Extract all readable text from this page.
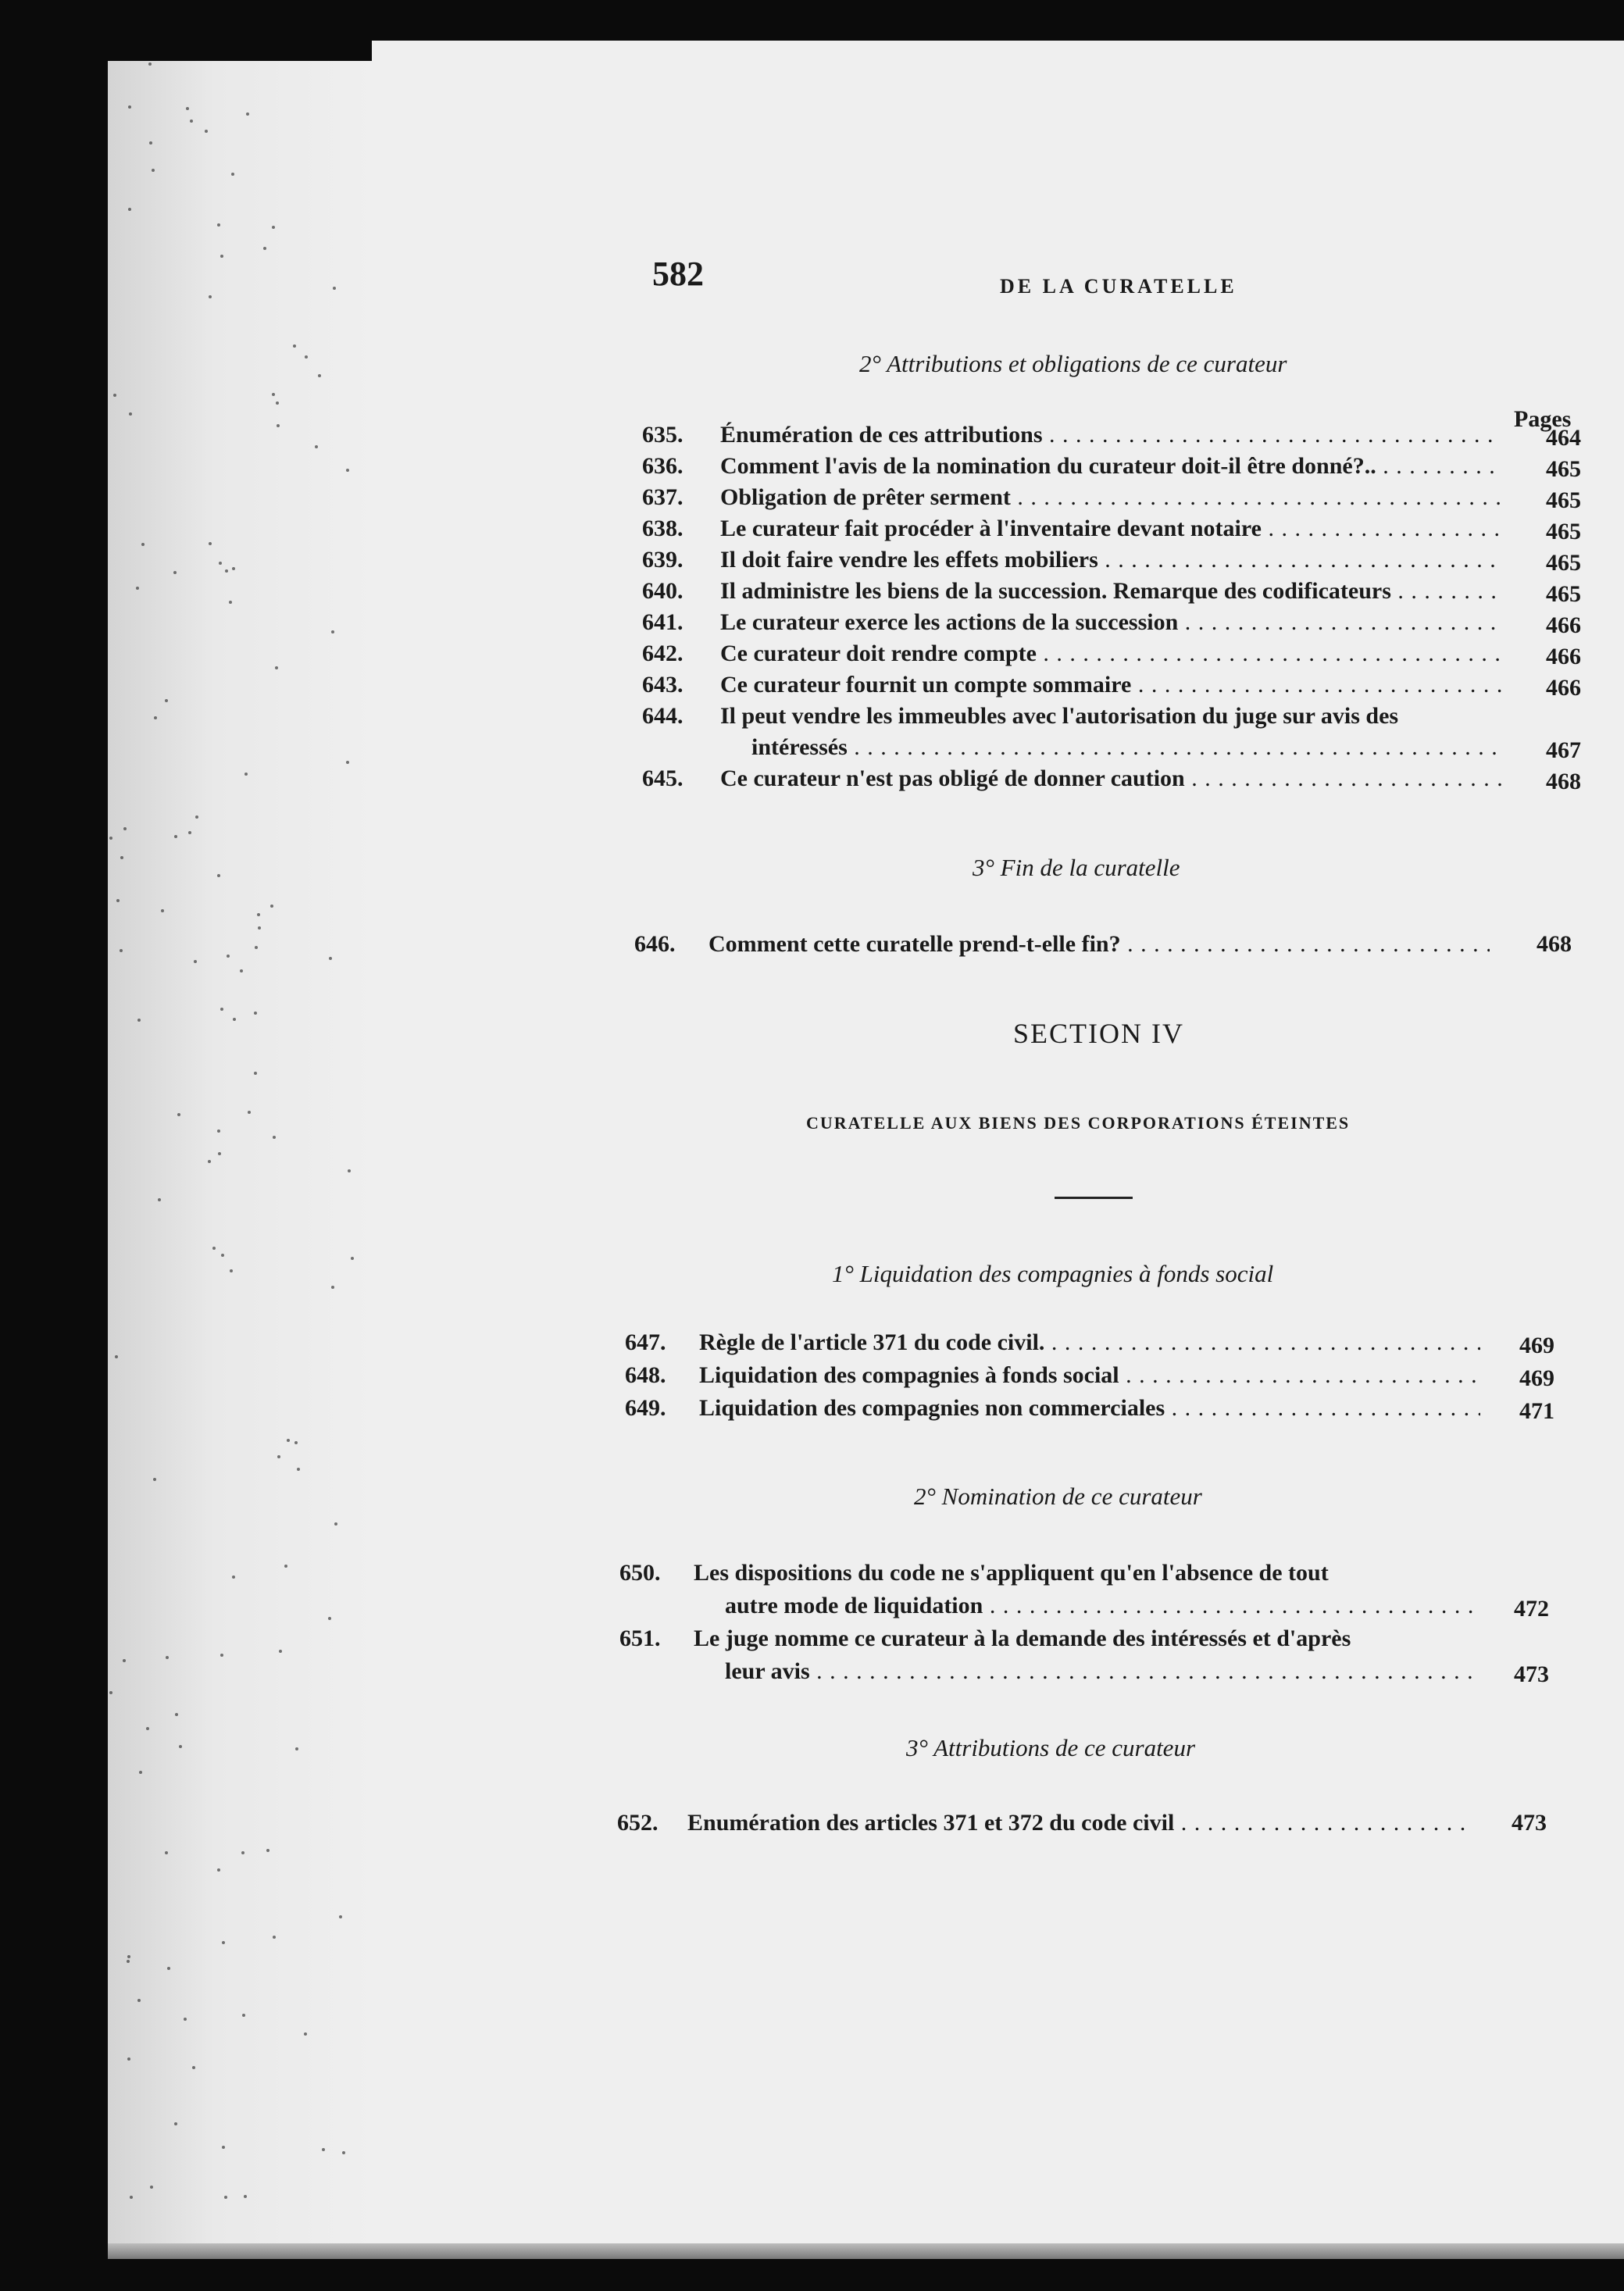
582	DE LA CURATELLE
2° Attributions et obligations de ce curateur
Pages
635. Énumération de ces attributions . . .	464
636. Comment l'avis de la nomination du curateur doit-il être donné?.. . . .	465
637. Obligation de prêter serment . . .	465
638. Le curateur fait procéder à l'inventaire devant notaire . . .	465
639. Il doit faire vendre les effets mobiliers . . .	465
640. Il administre les biens de la succession. Remarque des codificateurs . . .	465
641. Le curateur exerce les actions de la succession . . .	466
642. Ce curateur doit rendre compte . . .	466
643. Ce curateur fournit un compte sommaire . . .	466
644. Il peut vendre les immeubles avec l'autorisation du juge sur avis des
intéressés . . .	467
645. Ce curateur n'est pas obligé de donner caution . . .	468
3° Fin de la curatelle
646. Comment cette curatelle prend-t-elle fin? . . .	468
SECTION IV
CURATELLE AUX BIENS DES CORPORATIONS ÉTEINTES
1° Liquidation des compagnies à fonds social
647. Règle de l'article 371 du code civil. . . .	469
648. Liquidation des compagnies à fonds social . . .	469
649. Liquidation des compagnies non commerciales . . .	471
2° Nomination de ce curateur
650. Les dispositions du code ne s'appliquent qu'en l'absence de tout
autre mode de liquidation . . .	472
651. Le juge nomme ce curateur à la demande des intéressés et d'après
leur avis . . .	473
3° Attributions de ce curateur
652. Enumération des articles 371 et 372 du code civil . . .	473
